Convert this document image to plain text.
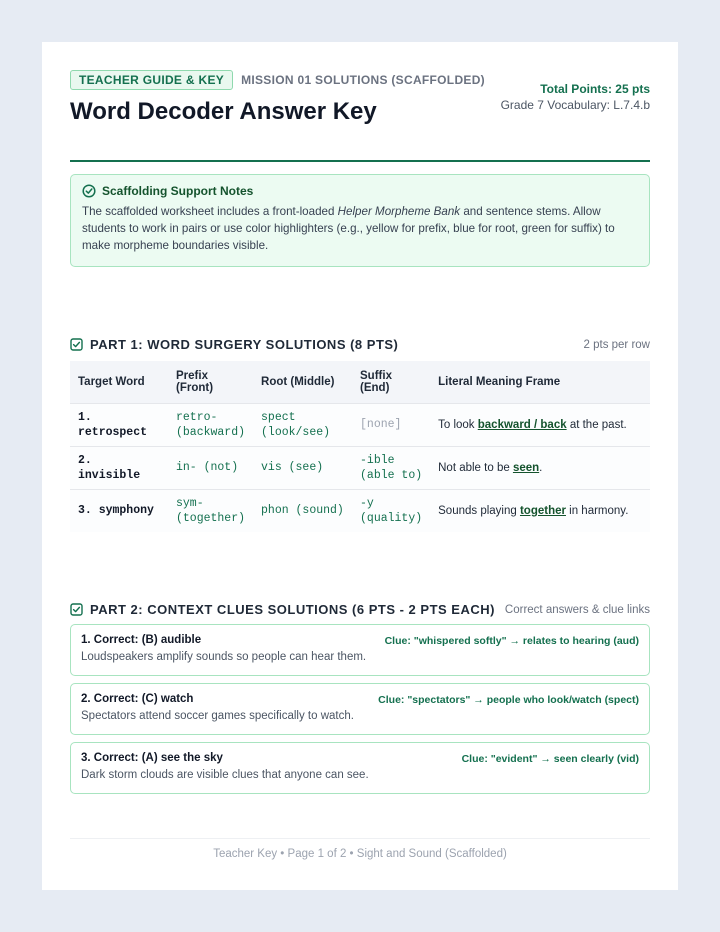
TEACHER GUIDE & KEY	MISSION 01 SOLUTIONS (SCAFFOLDED)
Word Decoder Answer Key
Total Points: 25 pts
Grade 7 Vocabulary: L.7.4.b
Scaffolding Support Notes
The scaffolded worksheet includes a front-loaded Helper Morpheme Bank and sentence stems. Allow students to work in pairs or use color highlighters (e.g., yellow for prefix, blue for root, green for suffix) to make morpheme boundaries visible.
PART 1: WORD SURGERY SOLUTIONS (8 PTS)	2 pts per row
Target Word	Prefix (Front)	Root (Middle)	Suffix (End)	Literal Meaning Frame
1. retrospect	retro- (backward)	spect (look/see)	[none]	To look backward / back at the past.
2. invisible	in- (not)	vis (see)	-ible (able to)	Not able to be seen.
3. symphony	sym- (together)	phon (sound)	-y (quality)	Sounds playing together in harmony.
PART 2: CONTEXT CLUES SOLUTIONS (6 PTS - 2 PTS EACH) Correct answers & clue links
1. Correct: (B) audible	Clue: "whispered softly" → relates to hearing (aud)
Loudspeakers amplify sounds so people can hear them.
2. Correct: (C) watch	Clue: "spectators" → people who look/watch (spect)
Spectators attend soccer games specifically to watch.
3. Correct: (A) see the sky	Clue: "evident" → seen clearly (vid)
Dark storm clouds are visible clues that anyone can see.
Teacher Key • Page 1 of 2 • Sight and Sound (Scaffolded)
